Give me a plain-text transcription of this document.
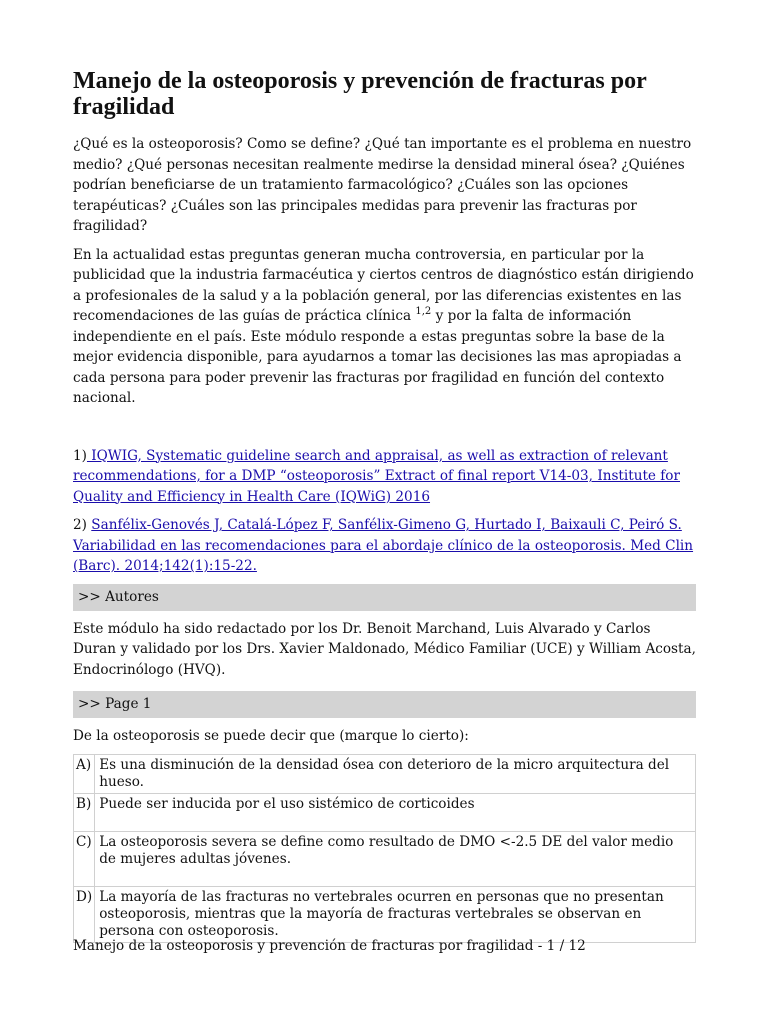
Manejo de la osteoporosis y prevención de fracturas por fragilidad

¿Qué es la osteoporosis? Como se define? ¿Qué tan importante es el problema en nuestro medio? ¿Qué personas necesitan realmente medirse la densidad mineral ósea? ¿Quiénes podrían beneficiarse de un tratamiento farmacológico? ¿Cuáles son las opciones terapéuticas? ¿Cuáles son las principales medidas para prevenir las fracturas por fragilidad?

En la actualidad estas preguntas generan mucha controversia, en particular por la publicidad que la industria farmacéutica y ciertos centros de diagnóstico están dirigiendo a profesionales de la salud y a la población general, por las diferencias existentes en las recomendaciones de las guías de práctica clínica $^{1,2}$ y por la falta de información independiente en el país. Este módulo responde a estas preguntas sobre la base de la mejor evidencia disponible, para ayudarnos a tomar las decisiones las mas apropiadas a cada persona para poder prevenir las fracturas por fragilidad en función del contexto nacional.

1) IQWIG, Systematic guideline search and appraisal, as well as extraction of relevant recommendations, for a DMP “osteoporosis” Extract of final report V14-03, Institute for Quality and Efficiency in Health Care (IQWiG) 2016

2) Sanfélix-Genovés J, Catalá-López F, Sanfélix-Gimeno G, Hurtado I, Baixauli C, Peiró S. Variabilidad en las recomendaciones para el abordaje clínico de la osteoporosis. Med Clin (Barc). 2014;142(1):15-22.

>> Autores

Este módulo ha sido redactado por los Dr. Benoit Marchand, Luis Alvarado y Carlos Duran y validado por los Drs. Xavier Maldonado, Médico Familiar (UCE) y William Acosta, Endocrinólogo (HVQ).

>> Page 1

De la osteoporosis se puede decir que (marque lo cierto):

A)	Es una disminución de la densidad ósea con deterioro de la micro arquitectura del hueso.
B)	Puede ser inducida por el uso sistémico de corticoides
C)	La osteoporosis severa se define como resultado de DMO <-2.5 DE del valor medio de mujeres adultas jóvenes.
D)	La mayoría de las fracturas no vertebrales ocurren en personas que no presentan osteoporosis, mientras que la mayoría de fracturas vertebrales se observan en persona con osteoporosis.
Manejo de la osteoporosis y prevención de fracturas por fragilidad - 1 / 12
